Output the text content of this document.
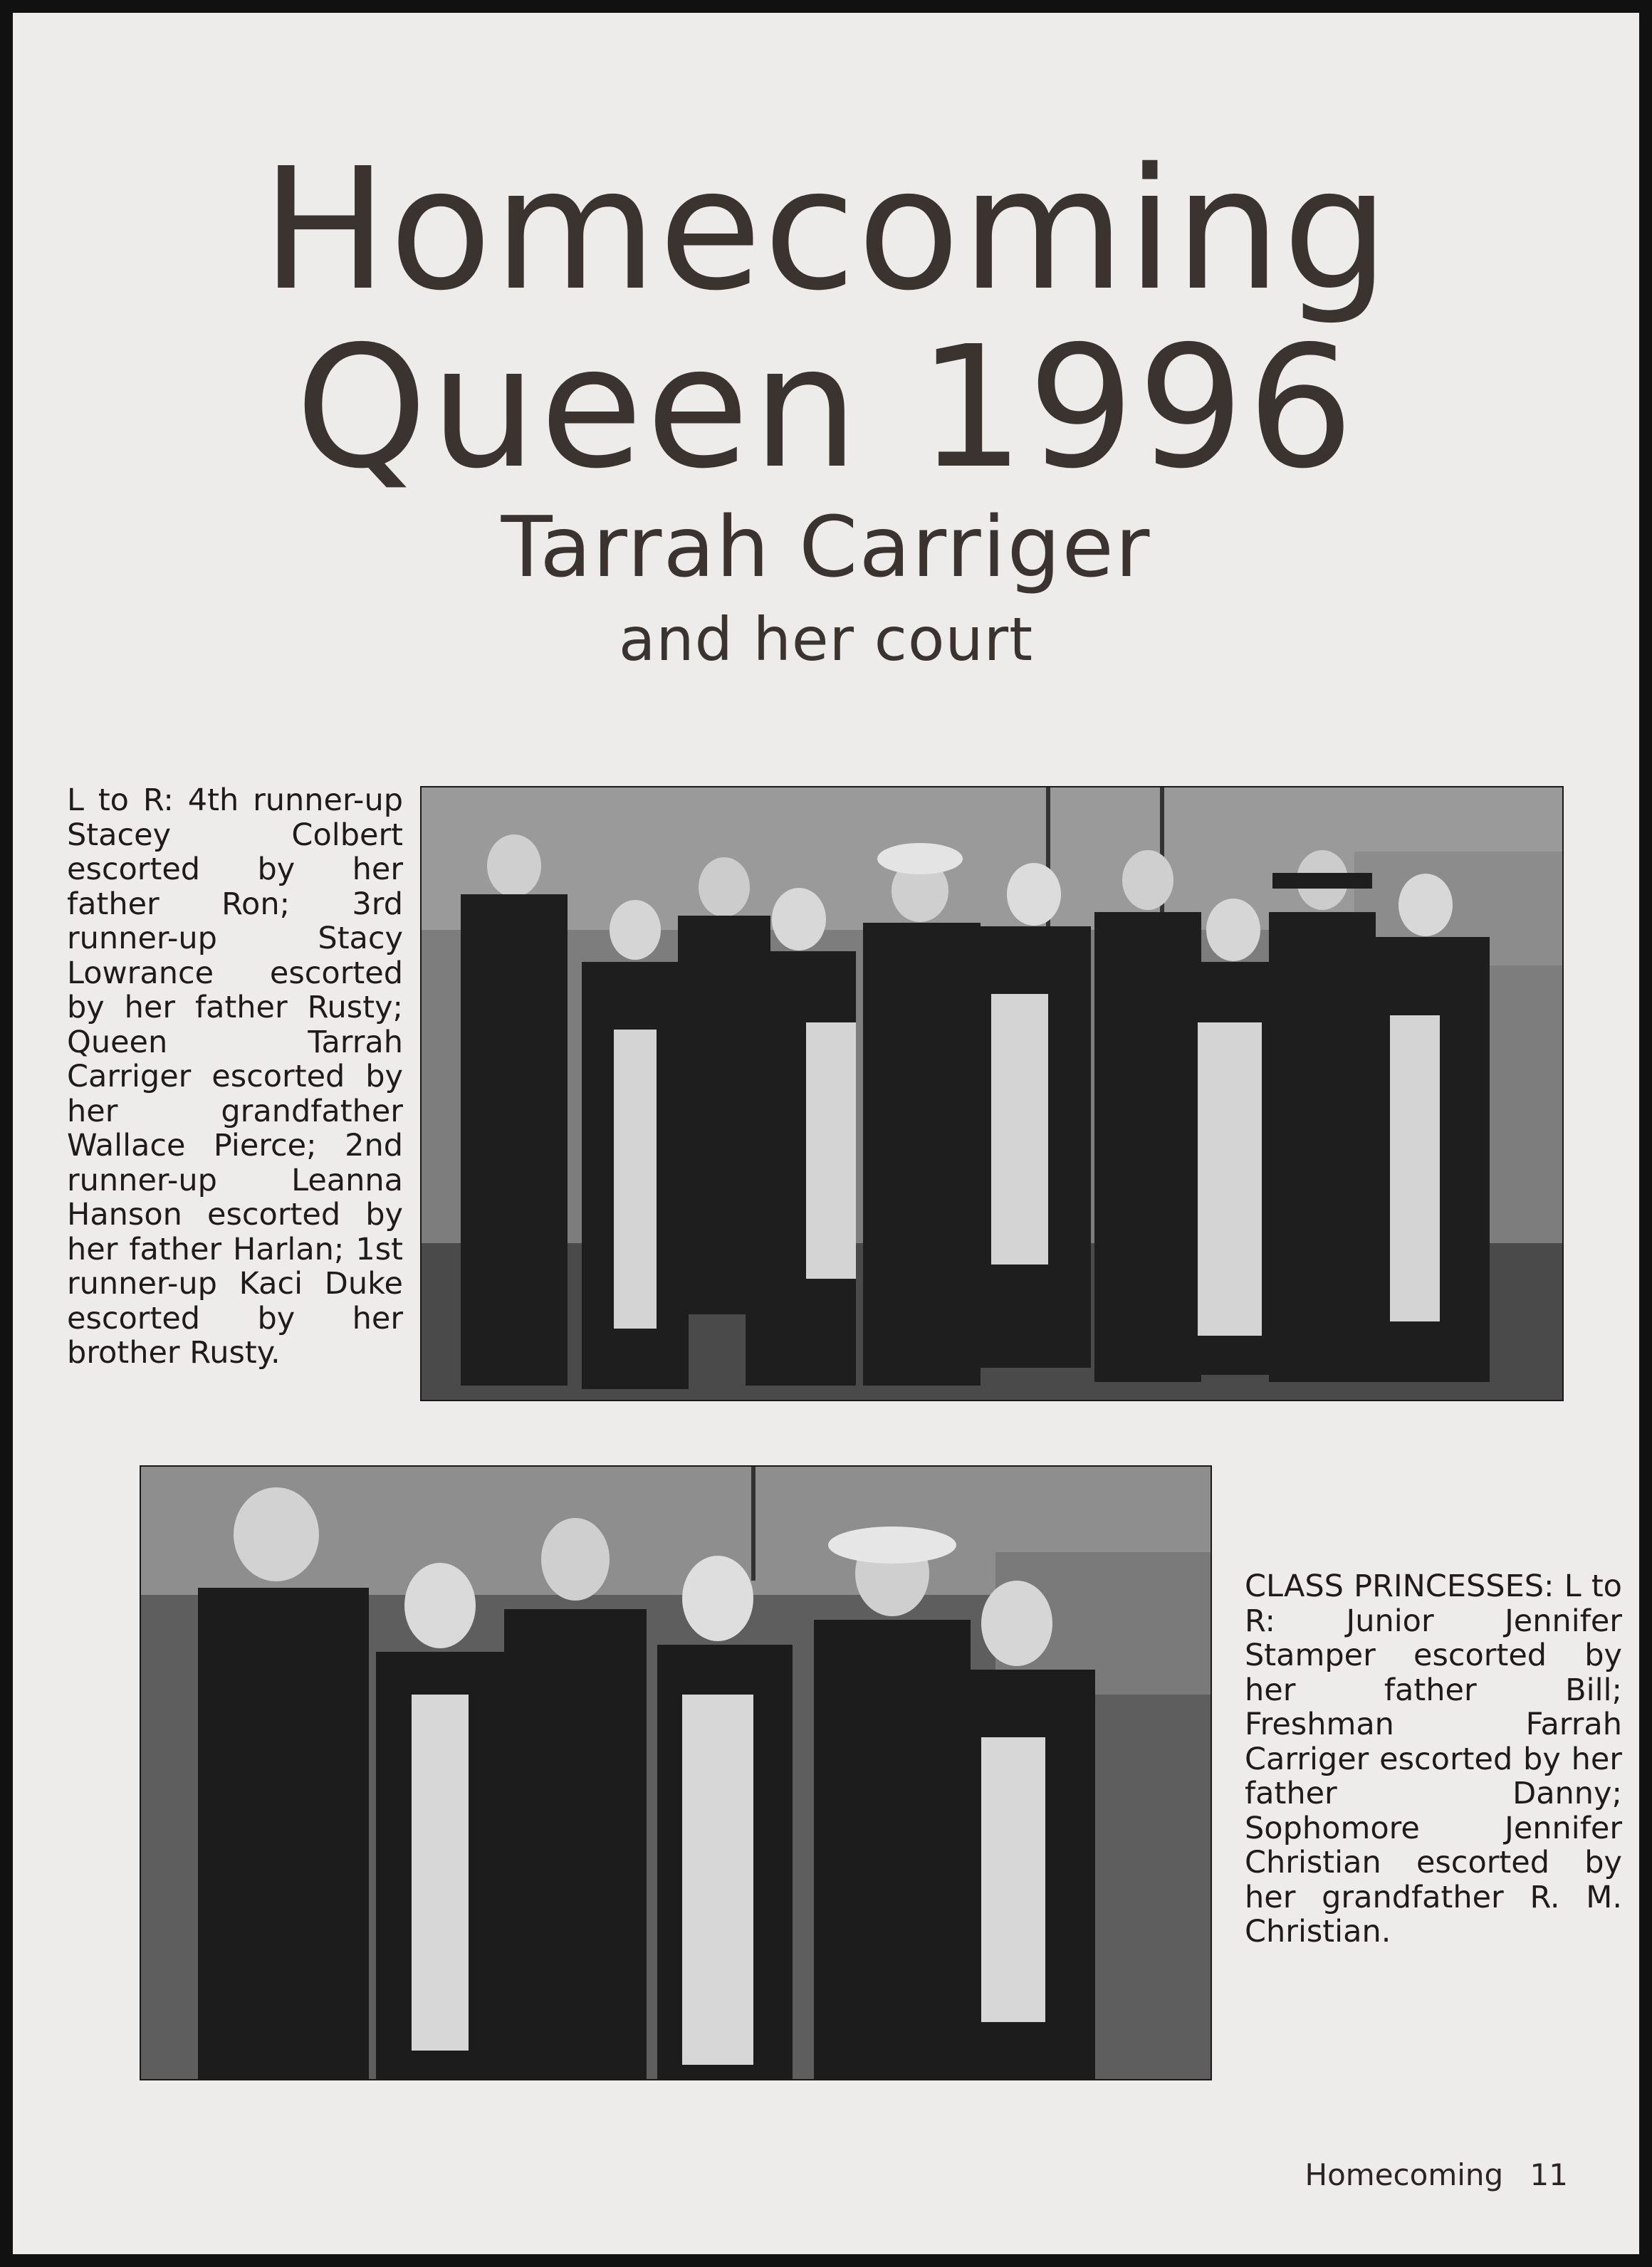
Homecoming
Queen 1996
Tarrah Carriger
and her court

L to R: 4th runner-up Stacey Colbert escorted by her father Ron; 3rd runner-up Stacy Lowrance escorted by her father Rusty; Queen Tarrah Carriger escorted by her grandfather Wallace Pierce; 2nd runner-up Leanna Hanson escorted by her father Harlan; 1st runner-up Kaci Duke escorted by her brother Rusty.

CLASS PRINCESSES: L to R: Junior Jennifer Stamper escorted by her father Bill; Freshman Farrah Carriger escorted by her father Danny; Sophomore Jennifer Christian escorted by her grandfather R. M. Christian.

Homecoming 11
